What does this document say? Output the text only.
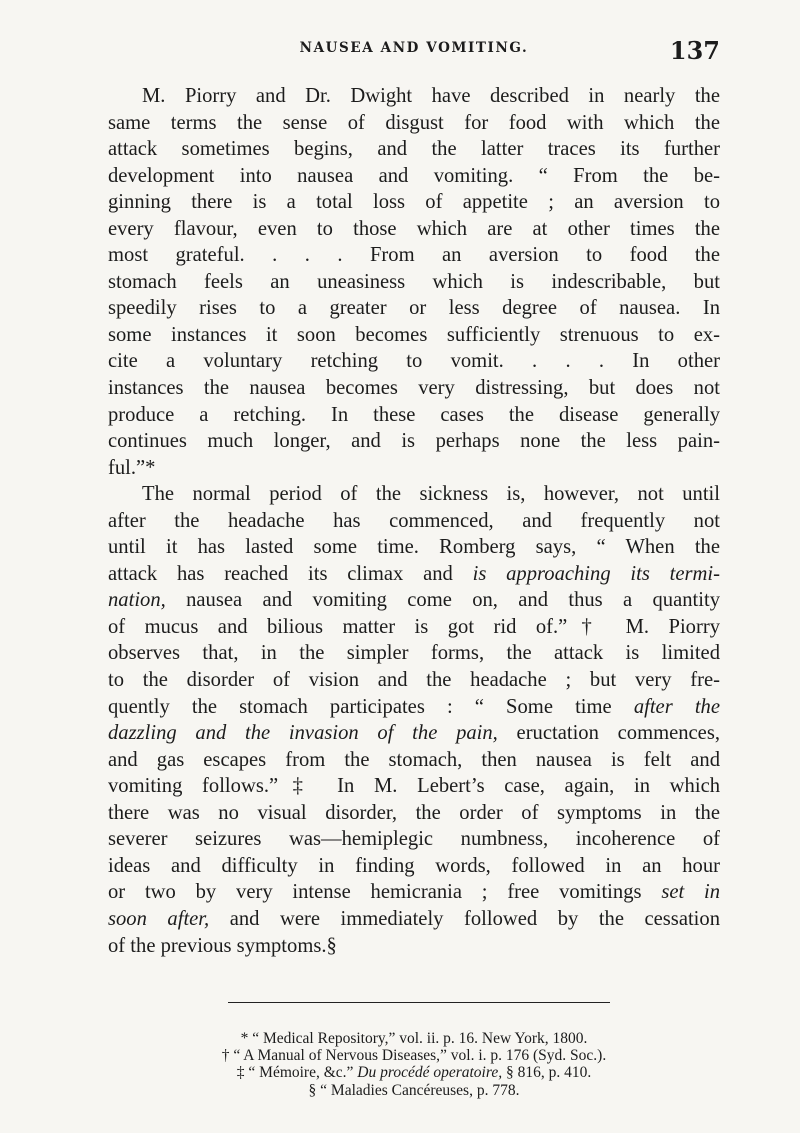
NAUSEA AND VOMITING.	137
M. Piorry and Dr. Dwight have described in nearly the
same terms the sense of disgust for food with which the
attack sometimes begins, and the latter traces its further
development into nausea and vomiting. “ From the be-
ginning there is a total loss of appetite ; an aversion to
every flavour, even to those which are at other times the
most grateful. . . . From an aversion to food the
stomach feels an uneasiness which is indescribable, but
speedily rises to a greater or less degree of nausea. In
some instances it soon becomes sufficiently strenuous to ex-
cite a voluntary retching to vomit. . . . In other
instances the nausea becomes very distressing, but does not
produce a retching. In these cases the disease generally
continues much longer, and is perhaps none the less pain-
ful.”*
The normal period of the sickness is, however, not until
after the headache has commenced, and frequently not
until it has lasted some time. Romberg says, “ When the
attack has reached its climax and is approaching its termi-
nation, nausea and vomiting come on, and thus a quantity
of mucus and bilious matter is got rid of.”† M. Piorry
observes that, in the simpler forms, the attack is limited
to the disorder of vision and the headache ; but very fre-
quently the stomach participates : “ Some time after the
dazzling and the invasion of the pain, eructation commences,
and gas escapes from the stomach, then nausea is felt and
vomiting follows.”‡ In M. Lebert’s case, again, in which
there was no visual disorder, the order of symptoms in the
severer seizures was—hemiplegic numbness, incoherence of
ideas and difficulty in finding words, followed in an hour
or two by very intense hemicrania ; free vomitings set in
soon after, and were immediately followed by the cessation
of the previous symptoms.§
* “ Medical Repository,” vol. ii. p. 16. New York, 1800.
† “ A Manual of Nervous Diseases,” vol. i. p. 176 (Syd. Soc.).
‡ “ Mémoire, &c.” Du procédé operatoire, § 816, p. 410.
§ “ Maladies Cancéreuses, p. 778.
